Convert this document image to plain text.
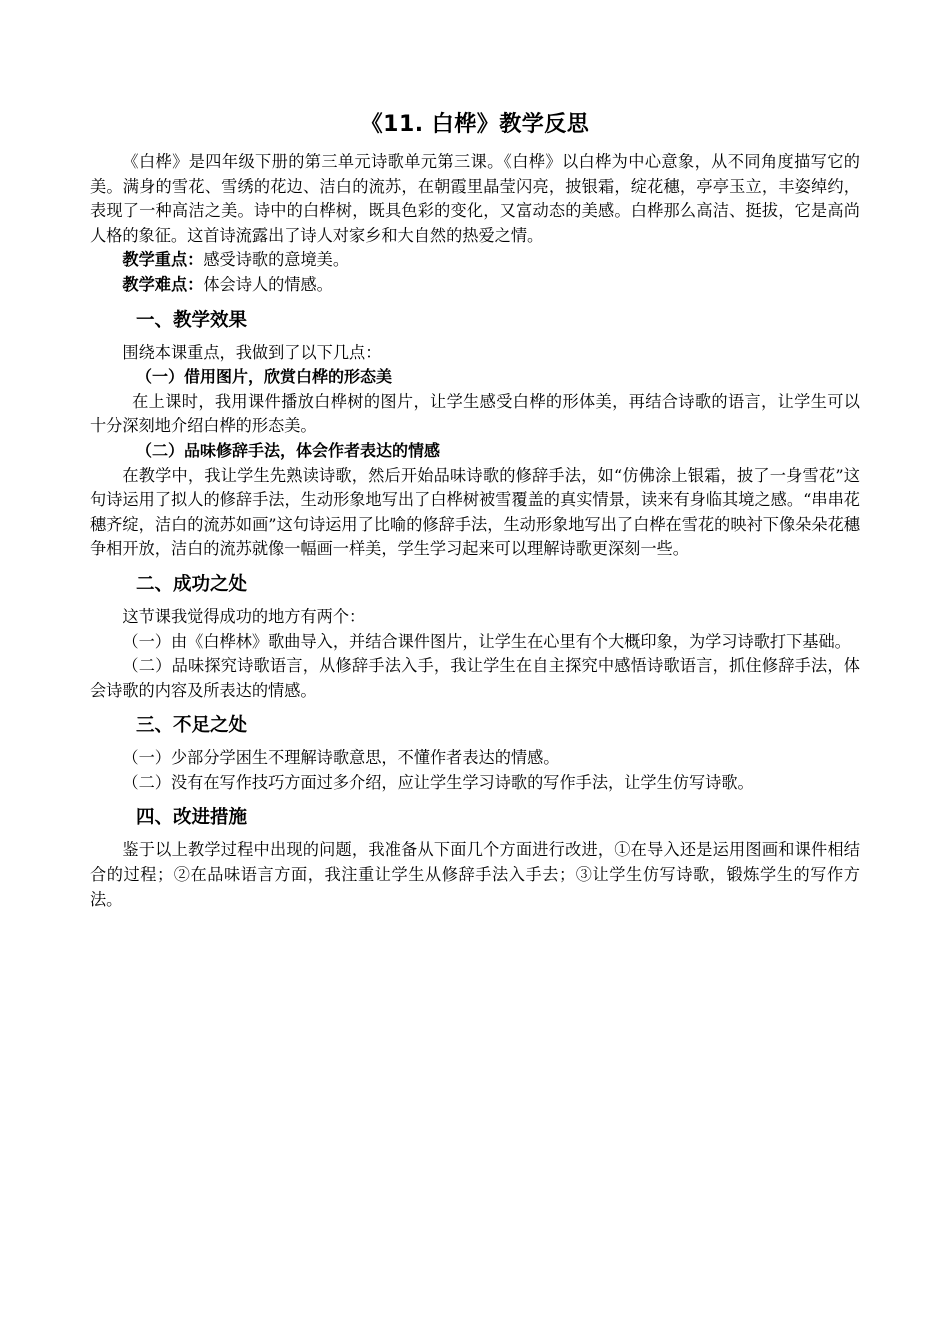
《11. 白桦》教学反思

《白桦》是四年级下册的第三单元诗歌单元第三课。《白桦》以白桦为中心意象，从不同角度描写它的美。满身的雪花、雪绣的花边、洁白的流苏，在朝霞里晶莹闪亮，披银霜，绽花穗，亭亭玉立，丰姿绰约，表现了一种高洁之美。诗中的白桦树，既具色彩的变化，又富动态的美感。白桦那么高洁、挺拔，它是高尚人格的象征。这首诗流露出了诗人对家乡和大自然的热爱之情。

教学重点：感受诗歌的意境美。

教学难点：体会诗人的情感。

一、教学效果

围绕本课重点，我做到了以下几点：

（一）借用图片，欣赏白桦的形态美

在上课时，我用课件播放白桦树的图片，让学生感受白桦的形体美，再结合诗歌的语言，让学生可以十分深刻地介绍白桦的形态美。

（二）品味修辞手法，体会作者表达的情感

在教学中，我让学生先熟读诗歌，然后开始品味诗歌的修辞手法，如“仿佛涂上银霜，披了一身雪花”这句诗运用了拟人的修辞手法，生动形象地写出了白桦树被雪覆盖的真实情景，读来有身临其境之感。“串串花穗齐绽，洁白的流苏如画”这句诗运用了比喻的修辞手法，生动形象地写出了白桦在雪花的映衬下像朵朵花穗争相开放，洁白的流苏就像一幅画一样美，学生学习起来可以理解诗歌更深刻一些。

二、成功之处

这节课我觉得成功的地方有两个：

（一）由《白桦林》歌曲导入，并结合课件图片，让学生在心里有个大概印象，为学习诗歌打下基础。

（二）品味探究诗歌语言，从修辞手法入手，我让学生在自主探究中感悟诗歌语言，抓住修辞手法，体会诗歌的内容及所表达的情感。

三、不足之处

（一）少部分学困生不理解诗歌意思，不懂作者表达的情感。

（二）没有在写作技巧方面过多介绍，应让学生学习诗歌的写作手法，让学生仿写诗歌。

四、改进措施

鉴于以上教学过程中出现的问题，我准备从下面几个方面进行改进，①在导入还是运用图画和课件相结合的过程；②在品味语言方面，我注重让学生从修辞手法入手去；③让学生仿写诗歌，锻炼学生的写作方法。
